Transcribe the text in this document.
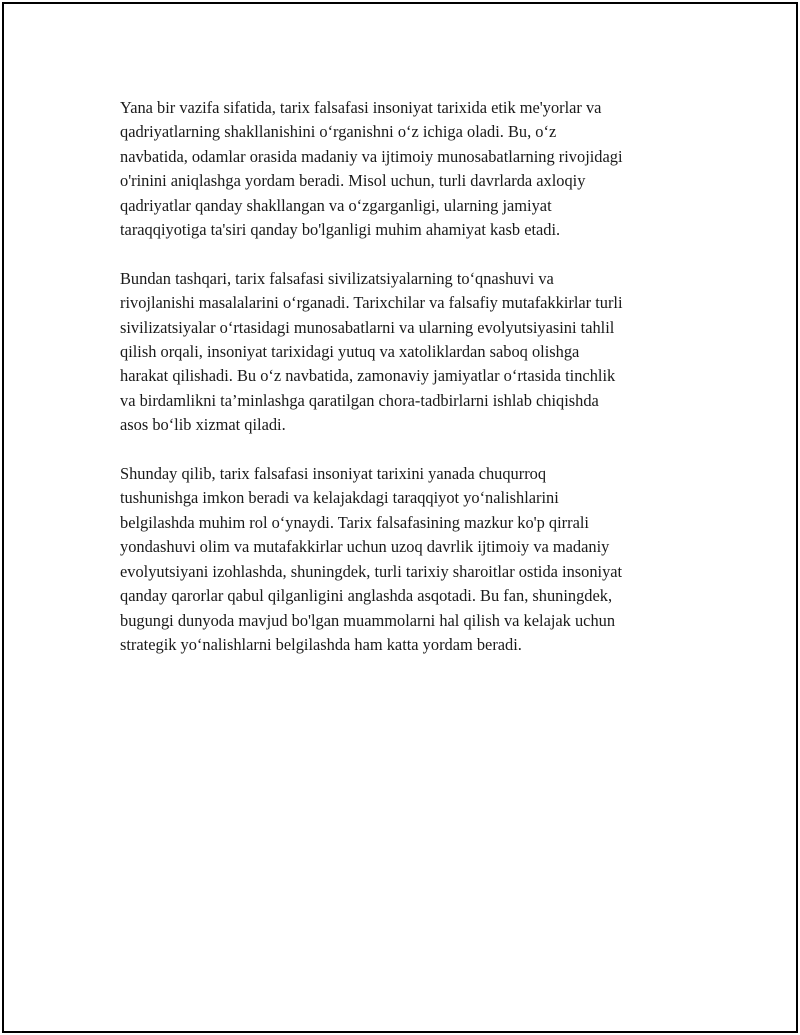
Yana bir vazifa sifatida, tarix falsafasi insoniyat tarixida etik me'yorlar va
qadriyatlarning shakllanishini oʻrganishni oʻz ichiga oladi. Bu, oʻz
navbatida, odamlar orasida madaniy va ijtimoiy munosabatlarning rivojidagi
o'rinini aniqlashga yordam beradi. Misol uchun, turli davrlarda axloqiy
qadriyatlar qanday shakllangan va oʻzgarganligi, ularning jamiyat
taraqqiyotiga ta'siri qanday bo'lganligi muhim ahamiyat kasb etadi.

Bundan tashqari, tarix falsafasi sivilizatsiyalarning toʻqnashuvi va
rivojlanishi masalalarini oʻrganadi. Tarixchilar va falsafiy mutafakkirlar turli
sivilizatsiyalar oʻrtasidagi munosabatlarni va ularning evolyutsiyasini tahlil
qilish orqali, insoniyat tarixidagi yutuq va xatoliklardan saboq olishga
harakat qilishadi. Bu oʻz navbatida, zamonaviy jamiyatlar oʻrtasida tinchlik
va birdamlikni ta’minlashga qaratilgan chora-tadbirlarni ishlab chiqishda
asos boʻlib xizmat qiladi.

Shunday qilib, tarix falsafasi insoniyat tarixini yanada chuqurroq
tushunishga imkon beradi va kelajakdagi taraqqiyot yoʻnalishlarini
belgilashda muhim rol oʻynaydi. Tarix falsafasining mazkur ko'p qirrali
yondashuvi olim va mutafakkirlar uchun uzoq davrlik ijtimoiy va madaniy
evolyutsiyani izohlashda, shuningdek, turli tarixiy sharoitlar ostida insoniyat
qanday qarorlar qabul qilganligini anglashda asqotadi. Bu fan, shuningdek,
bugungi dunyoda mavjud bo'lgan muammolarni hal qilish va kelajak uchun
strategik yoʻnalishlarni belgilashda ham katta yordam beradi.
